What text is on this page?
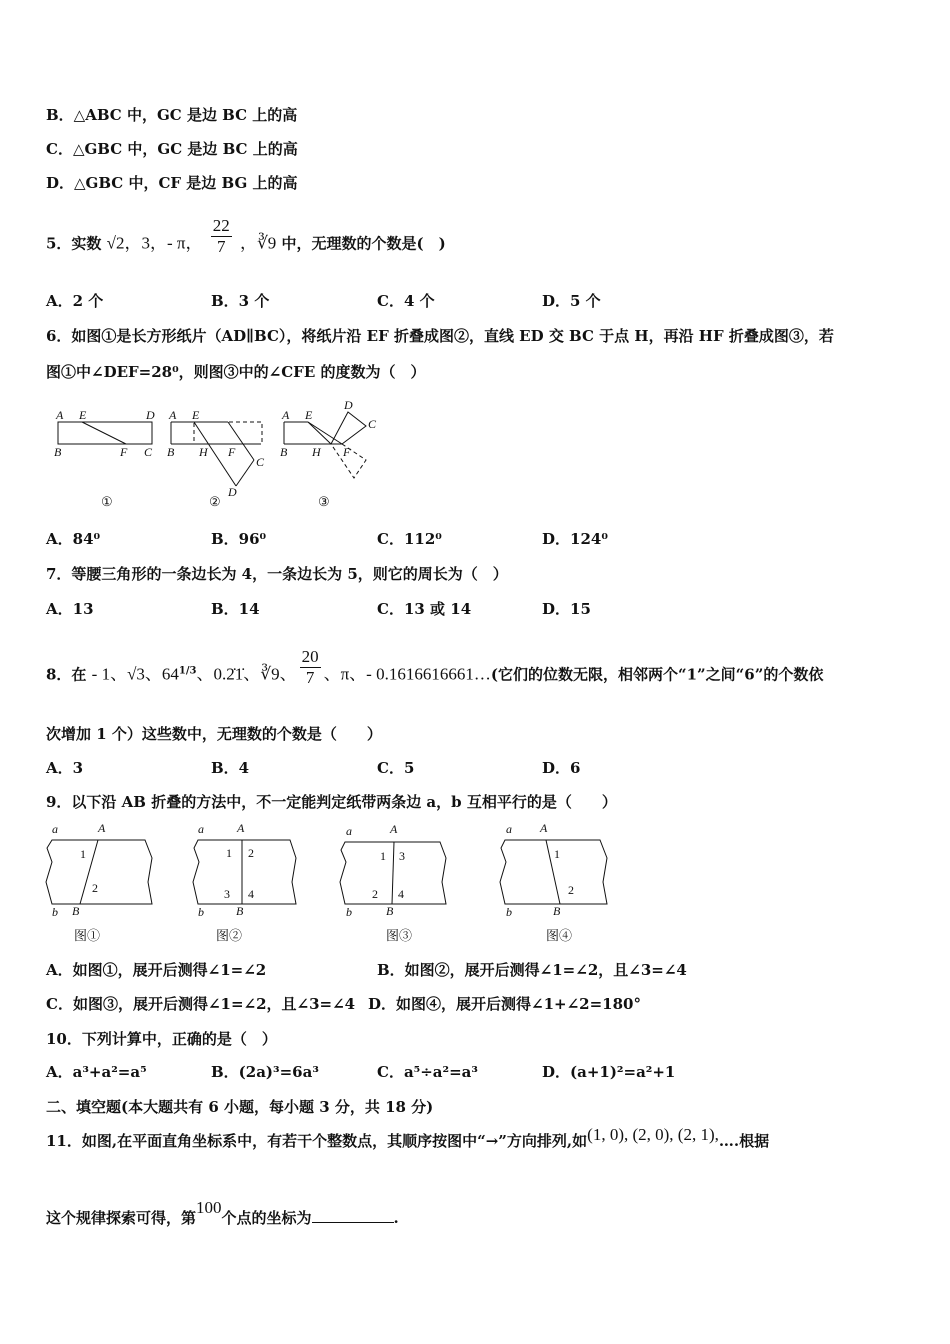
B．△ABC 中，GC 是边 BC 上的高
C．△GBC 中，GC 是边 BC 上的高
D．△GBC 中，CF 是边 BG 上的高
5．实数 √2，3，- π， $\frac{22}{7}$ ，∛9 中，无理数的个数是(　)
A．2 个	B．3 个	C．4 个	D．5 个
6．如图①是长方形纸片（AD∥BC），将纸片沿 EF 折叠成图②，直线 ED 交 BC 于点 H，再沿 HF 折叠成图③，若
图①中∠DEF=28⁰，则图③中的∠CFE 的度数为（　）
A E	D
B	F C
①
A E
B H F
C
D
②
A E
D
C
B H F
③
A．84⁰	B．96⁰	C．112⁰	D．124⁰
7．等腰三角形的一条边长为 4，一条边长为 5，则它的周长为（　）
A．13	B．14	C．13 或 14	D．15
8．在 - 1、√3、$64^{1/3}$、0.2̇1̇、∛9、 $\frac{20}{7}$ 、π、- 0.1616616661…(它们的位数无限，相邻两个“1”之间“6”的个数依
次增加 1 个）这些数中，无理数的个数是（　　）
A．3	B．4	C．5	D．6
9．以下沿 AB 折叠的方法中，不一定能判定纸带两条边 a，b 互相平行的是（　　）
a	A
b B
1
2
图①
a	A
b	B
1 2
3 4
图②
a	A
b	B
1 3
2 4
图③
a A
b	B
1
2
图④
A．如图①，展开后测得∠1=∠2	B．如图②，展开后测得∠1=∠2，且∠3=∠4
C．如图③，展开后测得∠1=∠2，且∠3=∠4 D．如图④，展开后测得∠1+∠2=180°
10．下列计算中，正确的是（　）
A．a³+a²=a⁵	B．(2a)³=6a³	C．a⁵÷a²=a³	D．(a+1)²=a²+1
二、填空题(本大题共有 6 小题，每小题 3 分，共 18 分)
11．如图,在平面直角坐标系中，有若干个整数点，其顺序按图中“→”方向排列,如(1, 0), (2, 0), (2, 1),….根据
这个规律探索可得，第100个点的坐标为	.
